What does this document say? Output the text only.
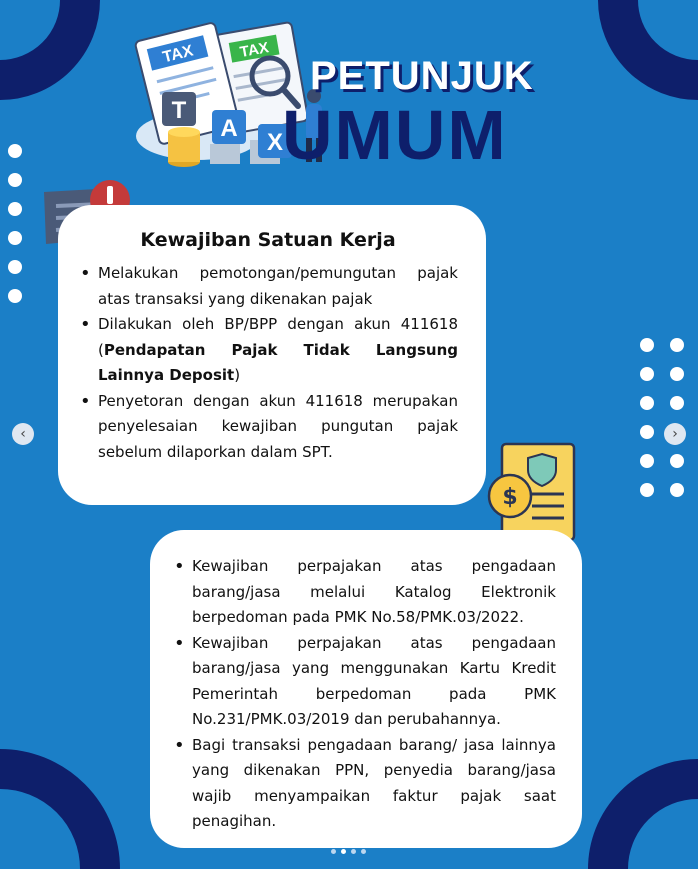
TAX
TAX
T
A
X
PETUNJUK
UMUM
Kewajiban Satuan Kerja
• Melakukan pemotongan/pemungutan pajak atas transaksi yang dikenakan pajak
• Dilakukan oleh BP/BPP dengan akun 411618 (Pendapatan Pajak Tidak Langsung Lainnya Deposit)
• Penyetoran dengan akun 411618 merupakan penyelesaian kewajiban pungutan pajak sebelum dilaporkan dalam SPT.
$
• Kewajiban perpajakan atas pengadaan barang/jasa melalui Katalog Elektronik berpedoman pada PMK No.58/PMK.03/2022.
• Kewajiban perpajakan atas pengadaan barang/jasa yang menggunakan Kartu Kredit Pemerintah berpedoman pada PMK No.231/PMK.03/2019 dan perubahannya.
• Bagi transaksi pengadaan barang/ jasa lainnya yang dikenakan PPN, penyedia barang/jasa wajib menyampaikan faktur pajak saat penagihan.
‹	›
